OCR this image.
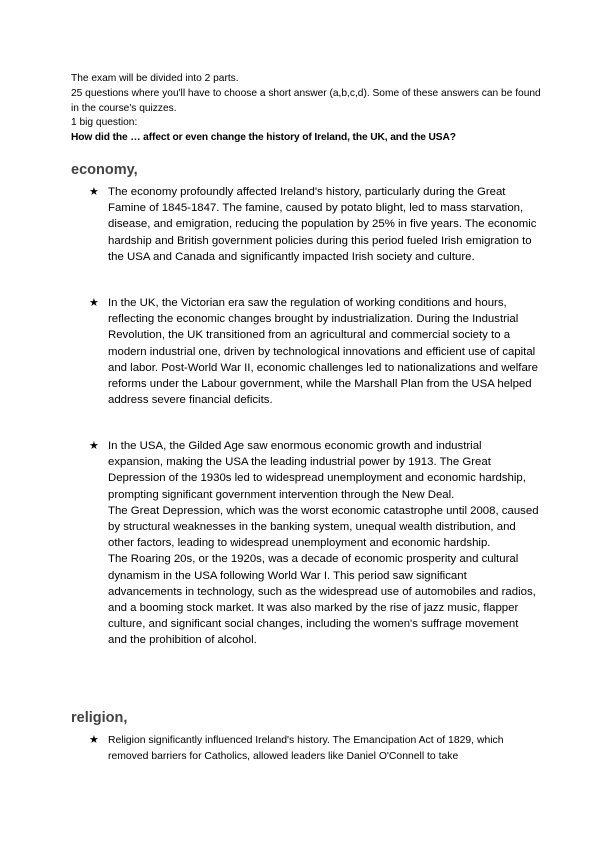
The exam will be divided into 2 parts.
25 questions where you'll have to choose a short answer (a,b,c,d). Some of these answers can be found in the course's quizzes.
1 big question:
How did the … affect or even change the history of Ireland, the UK, and the USA?
economy,
★ The economy profoundly affected Ireland's history, particularly during the Great Famine of 1845-1847. The famine, caused by potato blight, led to mass starvation, disease, and emigration, reducing the population by 25% in five years. The economic hardship and British government policies during this period fueled Irish emigration to the USA and Canada and significantly impacted Irish society and culture.
★ In the UK, the Victorian era saw the regulation of working conditions and hours, reflecting the economic changes brought by industrialization. During the Industrial Revolution, the UK transitioned from an agricultural and commercial society to a modern industrial one, driven by technological innovations and efficient use of capital and labor. Post-World War II, economic challenges led to nationalizations and welfare reforms under the Labour government, while the Marshall Plan from the USA helped address severe financial deficits.
★ In the USA, the Gilded Age saw enormous economic growth and industrial expansion, making the USA the leading industrial power by 1913. The Great Depression of the 1930s led to widespread unemployment and economic hardship, prompting significant government intervention through the New Deal.

The Great Depression, which was the worst economic catastrophe until 2008, caused by structural weaknesses in the banking system, unequal wealth distribution, and other factors, leading to widespread unemployment and economic hardship.

The Roaring 20s, or the 1920s, was a decade of economic prosperity and cultural dynamism in the USA following World War I. This period saw significant advancements in technology, such as the widespread use of automobiles and radios, and a booming stock market. It was also marked by the rise of jazz music, flapper culture, and significant social changes, including the women's suffrage movement and the prohibition of alcohol.

religion,
★ Religion significantly influenced Ireland's history. The Emancipation Act of 1829, which removed barriers for Catholics, allowed leaders like Daniel O'Connell to take
